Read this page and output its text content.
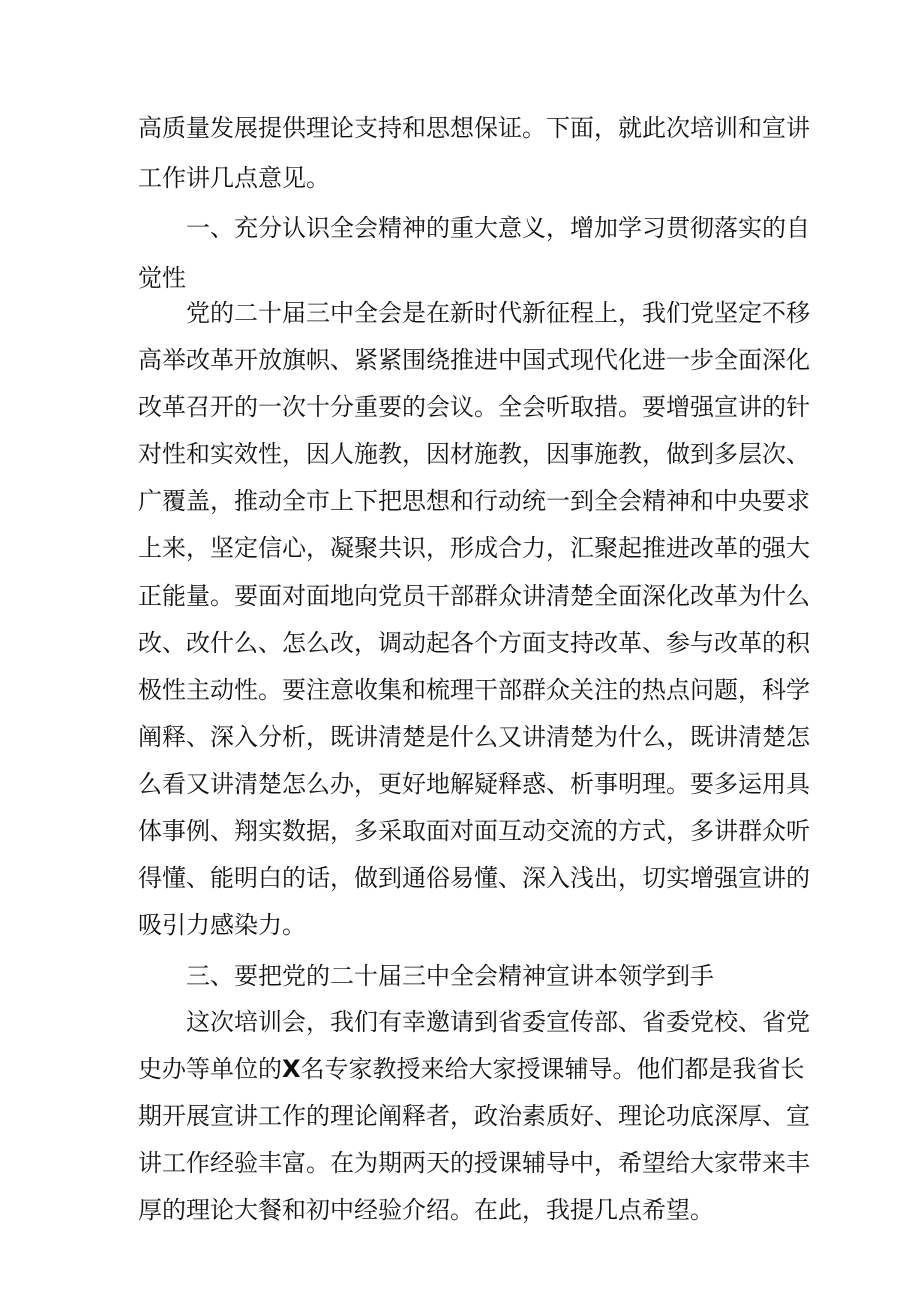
高质量发展提供理论支持和思想保证。下面，就此次培训和宣讲
工作讲几点意见。
一、充分认识全会精神的重大意义，增加学习贯彻落实的自
觉性
党的二十届三中全会是在新时代新征程上，我们党坚定不移
高举改革开放旗帜、紧紧围绕推进中国式现代化进一步全面深化
改革召开的一次十分重要的会议。全会听取措。要增强宣讲的针
对性和实效性，因人施教，因材施教，因事施教，做到多层次、
广覆盖，推动全市上下把思想和行动统一到全会精神和中央要求
上来，坚定信心，凝聚共识，形成合力，汇聚起推进改革的强大
正能量。要面对面地向党员干部群众讲清楚全面深化改革为什么
改、改什么、怎么改，调动起各个方面支持改革、参与改革的积
极性主动性。要注意收集和梳理干部群众关注的热点问题，科学
阐释、深入分析，既讲清楚是什么又讲清楚为什么，既讲清楚怎
么看又讲清楚怎么办，更好地解疑释惑、析事明理。要多运用具
体事例、翔实数据，多采取面对面互动交流的方式，多讲群众听
得懂、能明白的话，做到通俗易懂、深入浅出，切实增强宣讲的
吸引力感染力。
三、要把党的二十届三中全会精神宣讲本领学到手
这次培训会，我们有幸邀请到省委宣传部、省委党校、省党
史办等单位的X名专家教授来给大家授课辅导。他们都是我省长
期开展宣讲工作的理论阐释者，政治素质好、理论功底深厚、宣
讲工作经验丰富。在为期两天的授课辅导中，希望给大家带来丰
厚的理论大餐和初中经验介绍。在此，我提几点希望。
